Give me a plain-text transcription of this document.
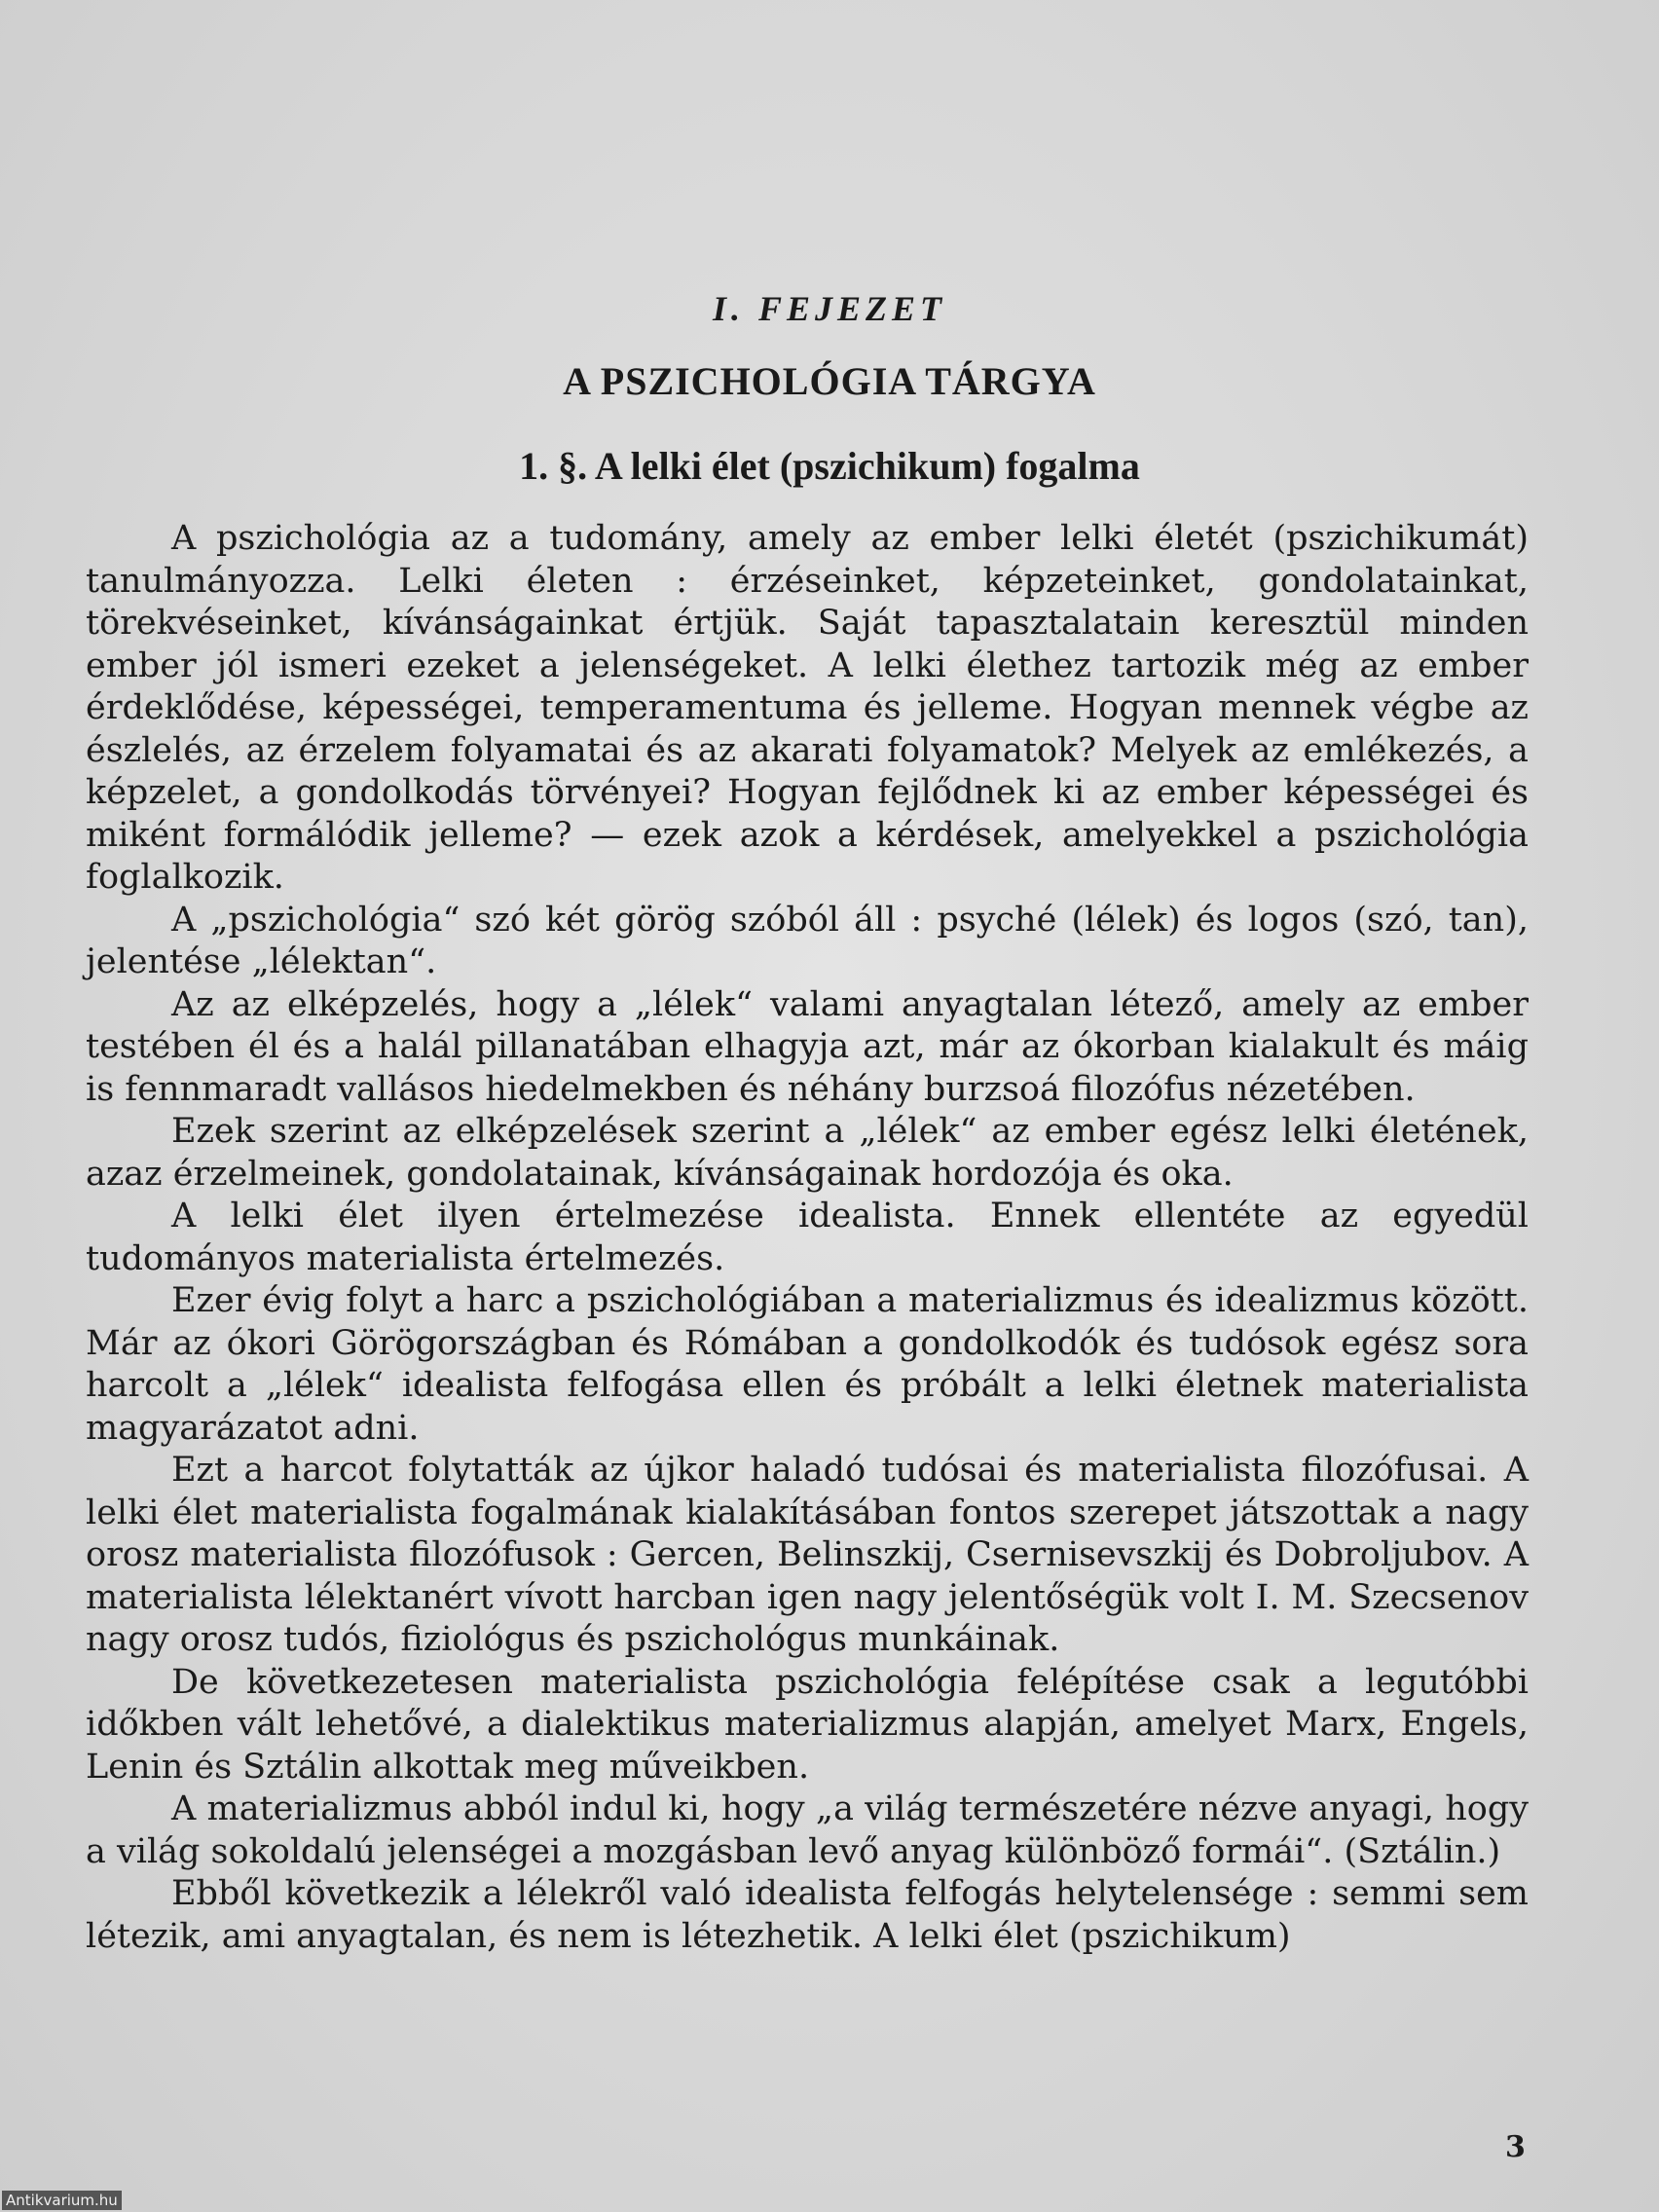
I. FEJEZET
A PSZICHOLÓGIA TÁRGYA
1. §. A lelki élet (pszichikum) fogalma

A pszichológia az a tudomány, amely az ember lelki életét (pszichikumát) tanulmányozza. Lelki életen : érzéseinket, képzeteinket, gondolatainkat, törekvéseinket, kívánságainkat értjük. Saját tapasztalatain keresztül minden ember jól ismeri ezeket a jelenségeket. A lelki élethez tartozik még az ember érdeklődése, képességei, temperamentuma és jelleme. Hogyan mennek végbe az észlelés, az érzelem folyamatai és az akarati folyamatok? Melyek az emlékezés, a képzelet, a gondolkodás törvényei? Hogyan fejlődnek ki az ember képességei és miként formálódik jelleme? — ezek azok a kérdések, amelyekkel a pszichológia foglalkozik.

A „pszichológia“ szó két görög szóból áll : psyché (lélek) és logos (szó, tan), jelentése „lélektan“.

Az az elképzelés, hogy a „lélek“ valami anyagtalan létező, amely az ember testében él és a halál pillanatában elhagyja azt, már az ókorban kialakult és máig is fennmaradt vallásos hiedelmekben és néhány burzsoá filozófus nézetében.

Ezek szerint az elképzelések szerint a „lélek“ az ember egész lelki életének, azaz érzelmeinek, gondolatainak, kívánságainak hordozója és oka.

A lelki élet ilyen értelmezése idealista. Ennek ellentéte az egyedül tudományos materialista értelmezés.

Ezer évig folyt a harc a pszichológiában a materializmus és idealizmus között. Már az ókori Görögországban és Rómában a gondolkodók és tudósok egész sora harcolt a „lélek“ idealista felfogása ellen és próbált a lelki életnek materialista magyarázatot adni.

Ezt a harcot folytatták az újkor haladó tudósai és materialista filozófusai. A lelki élet materialista fogalmának kialakításában fontos szerepet játszottak a nagy orosz materialista filozófusok : Gercen, Belinszkij, Csernisevszkij és Dobroljubov. A materialista lélektanért vívott harcban igen nagy jelentőségük volt I. M. Szecsenov nagy orosz tudós, fiziológus és pszichológus munkáinak.

De következetesen materialista pszichológia felépítése csak a legutóbbi időkben vált lehetővé, a dialektikus materializmus alapján, amelyet Marx, Engels, Lenin és Sztálin alkottak meg műveikben.

A materializmus abból indul ki, hogy „a világ természetére nézve anyagi, hogy a világ sokoldalú jelenségei a mozgásban levő anyag különböző formái“. (Sztálin.)

Ebből következik a lélekről való idealista felfogás helytelensége : semmi sem létezik, ami anyagtalan, és nem is létezhetik. A lelki élet (pszichikum)

3
Antikvarium.hu
